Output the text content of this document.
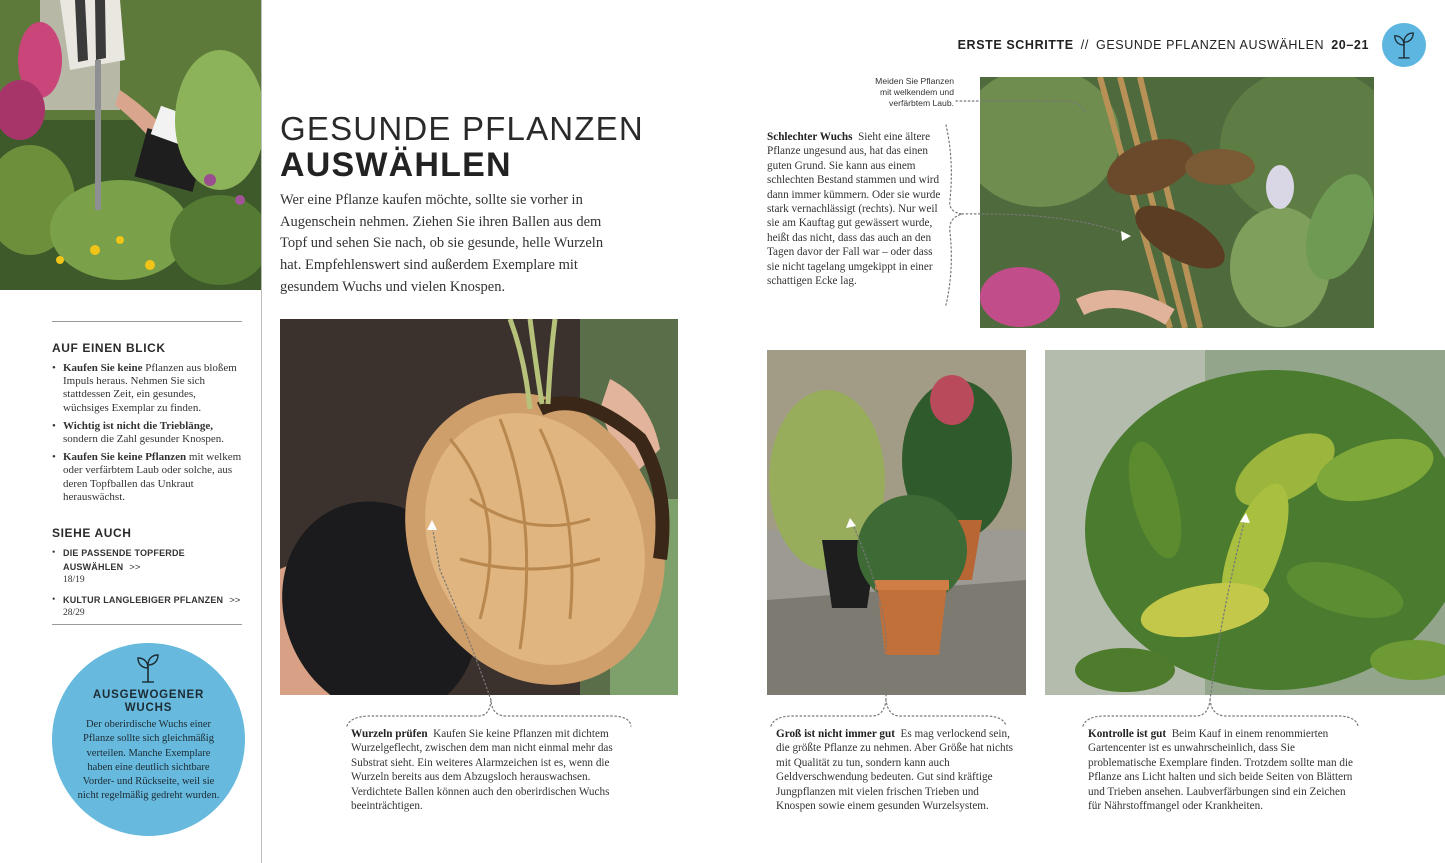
AUF EINEN BLICK
• Kaufen Sie keine Pflanzen aus bloßem Impuls heraus. Nehmen Sie sich stattdessen Zeit, ein gesundes, wüchsiges Exemplar zu finden.
• Wichtig ist nicht die Trieblänge, sondern die Zahl gesunder Knospen.
• Kaufen Sie keine Pflanzen mit welkem oder verfärbtem Laub oder solche, aus deren Topfballen das Unkraut herauswächst.
SIEHE AUCH
• DIE PASSENDE TOPFERDE AUSWÄHLEN >>
18/19
• KULTUR LANGLEBIGER PFLANZEN >>
28/29
AUSGEWOGENER
WUCHS
Der oberirdische Wuchs einer Pflanze sollte sich gleichmäßig verteilen. Manche Exemplare haben eine deutlich sichtbare Vorder- und Rückseite, weil sie nicht regelmäßig gedreht wurden.
ERSTE SCHRITTE // GESUNDE PFLANZEN AUSWÄHLEN 20–21
GESUNDE PFLANZEN
AUSWÄHLEN

Wer eine Pflanze kaufen möchte, sollte sie vorher in Augenschein nehmen. Ziehen Sie ihren Ballen aus dem Topf und sehen Sie nach, ob sie gesunde, helle Wurzeln hat. Empfehlenswert sind außerdem Exemplare mit gesundem Wuchs und vielen Knospen.

Meiden Sie Pflanzen mit welkendem und verfärbtem Laub.
Schlechter Wuchs Sieht eine ältere Pflanze ungesund aus, hat das einen guten Grund. Sie kann aus einem schlechten Bestand stammen und wird dann immer kümmern. Oder sie wurde stark vernachlässigt (rechts). Nur weil sie am Kauftag gut gewässert wurde, heißt das nicht, dass das auch an den Tagen davor der Fall war – oder dass sie nicht tagelang umgekippt in einer schattigen Ecke lag.
Wurzeln prüfen Kaufen Sie keine Pflanzen mit dichtem Wurzelgeflecht, zwischen dem man nicht einmal mehr das Substrat sieht. Ein weiteres Alarmzeichen ist es, wenn die Wurzeln bereits aus dem Abzugsloch herauswachsen. Verdichtete Ballen können auch den oberirdischen Wuchs beeinträchtigen.
Groß ist nicht immer gut Es mag verlockend sein, die größte Pflanze zu nehmen. Aber Größe hat nichts mit Qualität zu tun, sondern kann auch Geldverschwendung bedeuten. Gut sind kräftige Jungpflanzen mit vielen frischen Trieben und Knospen sowie einem gesunden Wurzelsystem.
Kontrolle ist gut Beim Kauf in einem renommierten Gartencenter ist es unwahrscheinlich, dass Sie problematische Exemplare finden. Trotzdem sollte man die Pflanze ans Licht halten und sich beide Seiten von Blättern und Trieben ansehen. Laubverfärbungen sind ein Zeichen für Nährstoffmangel oder Krankheiten.
